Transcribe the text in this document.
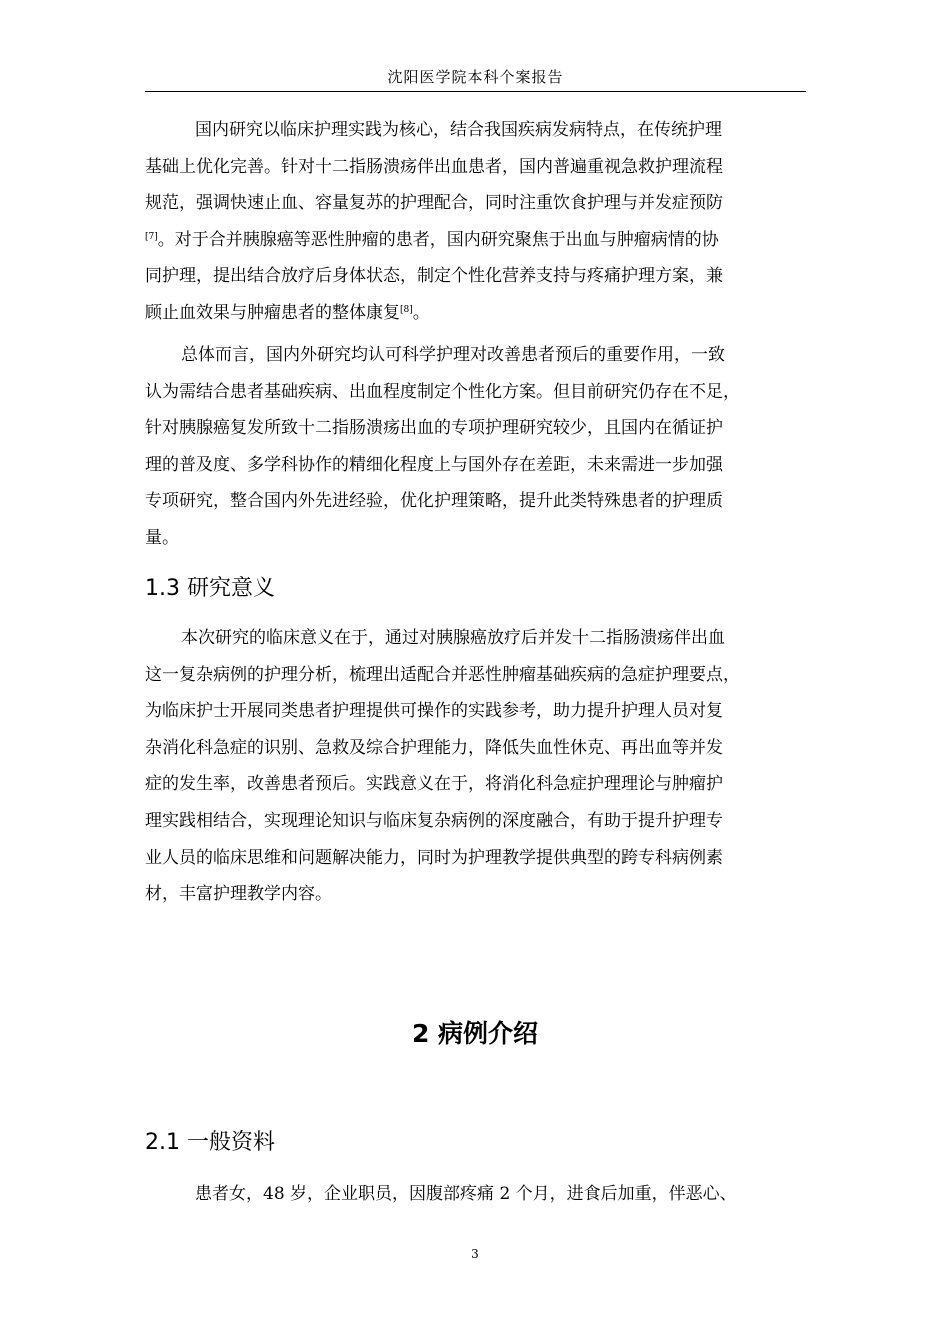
沈阳医学院本科个案报告
国内研究以临床护理实践为核心，结合我国疾病发病特点，在传统护理
基础上优化完善。针对十二指肠溃疡伴出血患者，国内普遍重视急救护理流程
规范，强调快速止血、容量复苏的护理配合，同时注重饮食护理与并发症预防
[7]。对于合并胰腺癌等恶性肿瘤的患者，国内研究聚焦于出血与肿瘤病情的协
同护理，提出结合放疗后身体状态，制定个性化营养支持与疼痛护理方案，兼
顾止血效果与肿瘤患者的整体康复[8]。
总体而言，国内外研究均认可科学护理对改善患者预后的重要作用，一致
认为需结合患者基础疾病、出血程度制定个性化方案。但目前研究仍存在不足，
针对胰腺癌复发所致十二指肠溃疡出血的专项护理研究较少，且国内在循证护
理的普及度、多学科协作的精细化程度上与国外存在差距，未来需进一步加强
专项研究，整合国内外先进经验，优化护理策略，提升此类特殊患者的护理质
量。
1.3 研究意义
本次研究的临床意义在于，通过对胰腺癌放疗后并发十二指肠溃疡伴出血
这一复杂病例的护理分析，梳理出适配合并恶性肿瘤基础疾病的急症护理要点，
为临床护士开展同类患者护理提供可操作的实践参考，助力提升护理人员对复
杂消化科急症的识别、急救及综合护理能力，降低失血性休克、再出血等并发
症的发生率，改善患者预后。实践意义在于，将消化科急症护理理论与肿瘤护
理实践相结合，实现理论知识与临床复杂病例的深度融合，有助于提升护理专
业人员的临床思维和问题解决能力，同时为护理教学提供典型的跨专科病例素
材，丰富护理教学内容。
2 病例介绍
2.1 一般资料
患者女，48 岁，企业职员，因腹部疼痛 2 个月，进食后加重，伴恶心、
3
